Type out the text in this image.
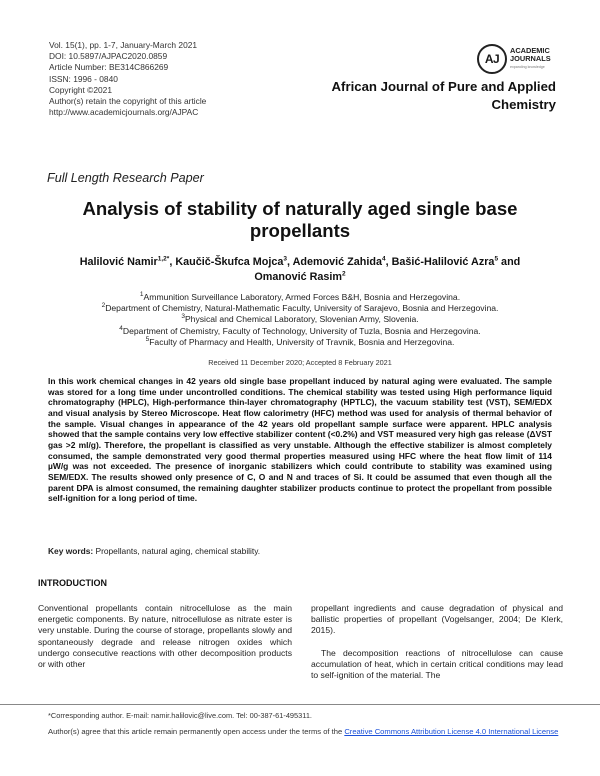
Vol. 15(1), pp. 1-7, January-March 2021
DOI: 10.5897/AJPAC2020.0859
Article Number: BE314C866269
ISSN: 1996 - 0840
Copyright ©2021
Author(s) retain the copyright of this article
http://www.academicjournals.org/AJPAC
AJ
ACADEMIC
JOURNALS
expanding knowledge
African Journal of Pure and Applied
Chemistry
Full Length Research Paper
Analysis of stability of naturally aged single base propellants
Halilović Namir$^{1,2*}$, Kaučič-Škufca Mojca$^3$, Ademović Zahida$^4$, Bašić-Halilović Azra$^5$ and
Omanović Rasim$^2$
$^1$Ammunition Surveillance Laboratory, Armed Forces B&H, Bosnia and Herzegovina.
$^2$Department of Chemistry, Natural-Mathematic Faculty, University of Sarajevo, Bosnia and Herzegovina.
$^3$Physical and Chemical Laboratory, Slovenian Army, Slovenia.
$^4$Department of Chemistry, Faculty of Technology, University of Tuzla, Bosnia and Herzegovina.
$^5$Faculty of Pharmacy and Health, University of Travnik, Bosnia and Herzegovina.
Received 11 December 2020; Accepted 8 February 2021
In this work chemical changes in 42 years old single base propellant induced by natural aging were evaluated. The sample was stored for a long time under uncontrolled conditions. The chemical stability was tested using High performance liquid chromatography (HPLC), High-performance thin-layer chromatography (HPTLC), the vacuum stability test (VST), SEM/EDX and visual analysis by Stereo Microscope. Heat flow calorimetry (HFC) method was used for analysis of thermal behavior of the sample. Visual changes in appearance of the 42 years old propellant sample surface were apparent. HPLC analysis showed that the sample contains very low effective stabilizer content (<0.2%) and VST measured very high gas release (ΔVST gas >2 ml/g). Therefore, the propellant is classified as very unstable. Although the effective stabilizer is almost completely consumed, the sample demonstrated very good thermal properties measured using HFC where the heat flow limit of 114 µW/g was not exceeded. The presence of inorganic stabilizers which could contribute to stability was examined using SEM/EDX. The results showed only presence of C, O and N and traces of Si. It could be assumed that even though all the parent DPA is almost consumed, the remaining daughter stabilizer products continue to protect the propellant from possible self-ignition for a long period of time.
Key words: Propellants, natural aging, chemical stability.
INTRODUCTION

Conventional propellants contain nitrocellulose as the main energetic components. By nature, nitrocellulose as nitrate ester is very unstable. During the course of storage, propellants slowly and spontaneously degrade and release nitrogen oxides which undergo consecutive reactions with other decomposition products or with other

propellant ingredients and cause degradation of physical and ballistic properties of propellant (Vogelsanger, 2004; De Klerk, 2015).

The decomposition reactions of nitrocellulose can cause accumulation of heat, which in certain critical conditions may lead to self-ignition of the material. The

*Corresponding author. E-mail: namir.halilovic@live.com. Tel: 00-387-61-495311.
Author(s) agree that this article remain permanently open access under the terms of the Creative Commons Attribution License 4.0 International License
